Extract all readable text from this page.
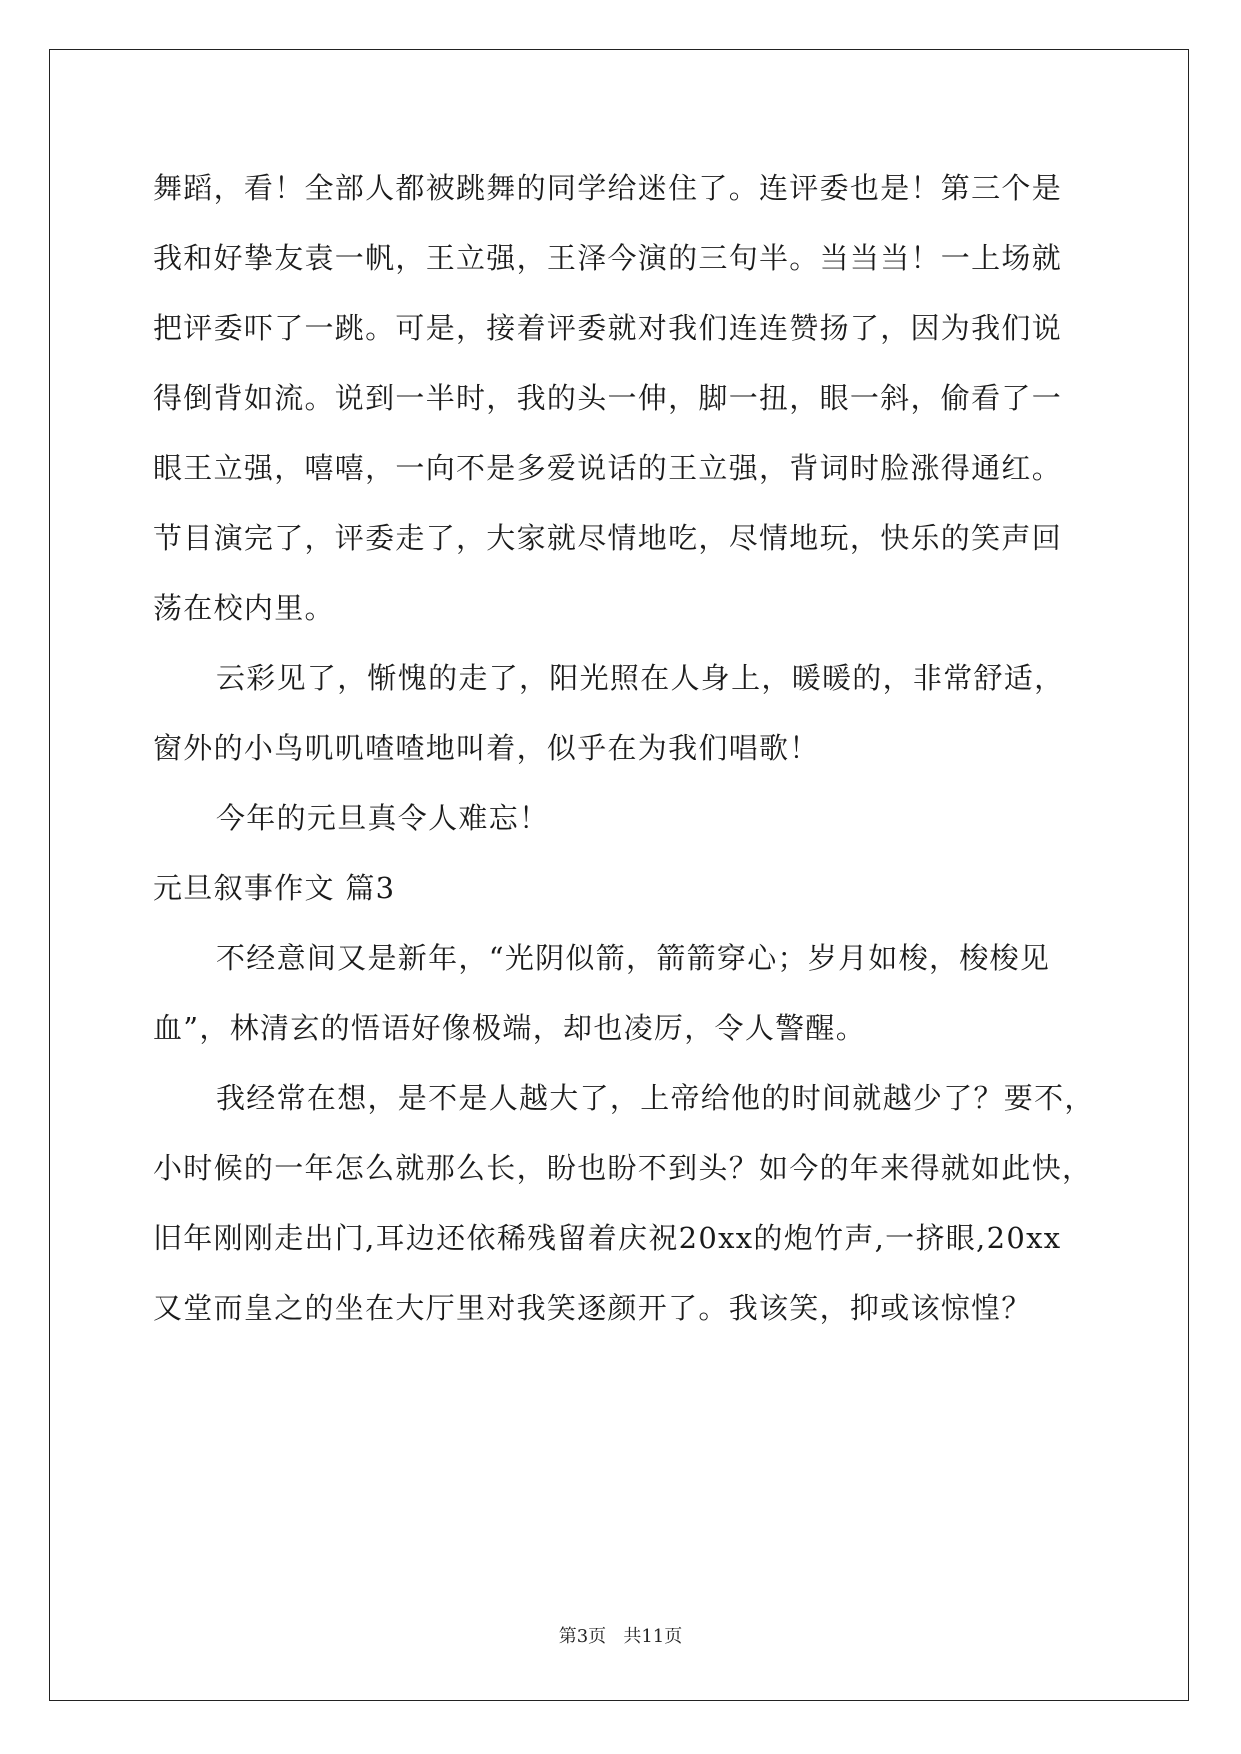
舞蹈，看！全部人都被跳舞的同学给迷住了。连评委也是！第三个是
我和好挚友袁一帆，王立强，王泽今演的三句半。当当当！一上场就
把评委吓了一跳。可是，接着评委就对我们连连赞扬了，因为我们说
得倒背如流。说到一半时，我的头一伸，脚一扭，眼一斜，偷看了一
眼王立强，嘻嘻，一向不是多爱说话的王立强，背词时脸涨得通红。
节目演完了，评委走了，大家就尽情地吃，尽情地玩，快乐的笑声回
荡在校内里。
云彩见了，惭愧的走了，阳光照在人身上，暖暖的，非常舒适，
窗外的小鸟叽叽喳喳地叫着，似乎在为我们唱歌！
今年的元旦真令人难忘！
元旦叙事作文 篇3
不经意间又是新年，“光阴似箭，箭箭穿心；岁月如梭，梭梭见
血”，林清玄的悟语好像极端，却也凌厉，令人警醒。
我经常在想，是不是人越大了，上帝给他的时间就越少了？要不，
小时候的一年怎么就那么长，盼也盼不到头？如今的年来得就如此快，
旧年刚刚走出门,耳边还依稀残留着庆祝20xx的炮竹声,一挤眼,20xx
又堂而皇之的坐在大厅里对我笑逐颜开了。我该笑，抑或该惊惶？
第3页 共11页
